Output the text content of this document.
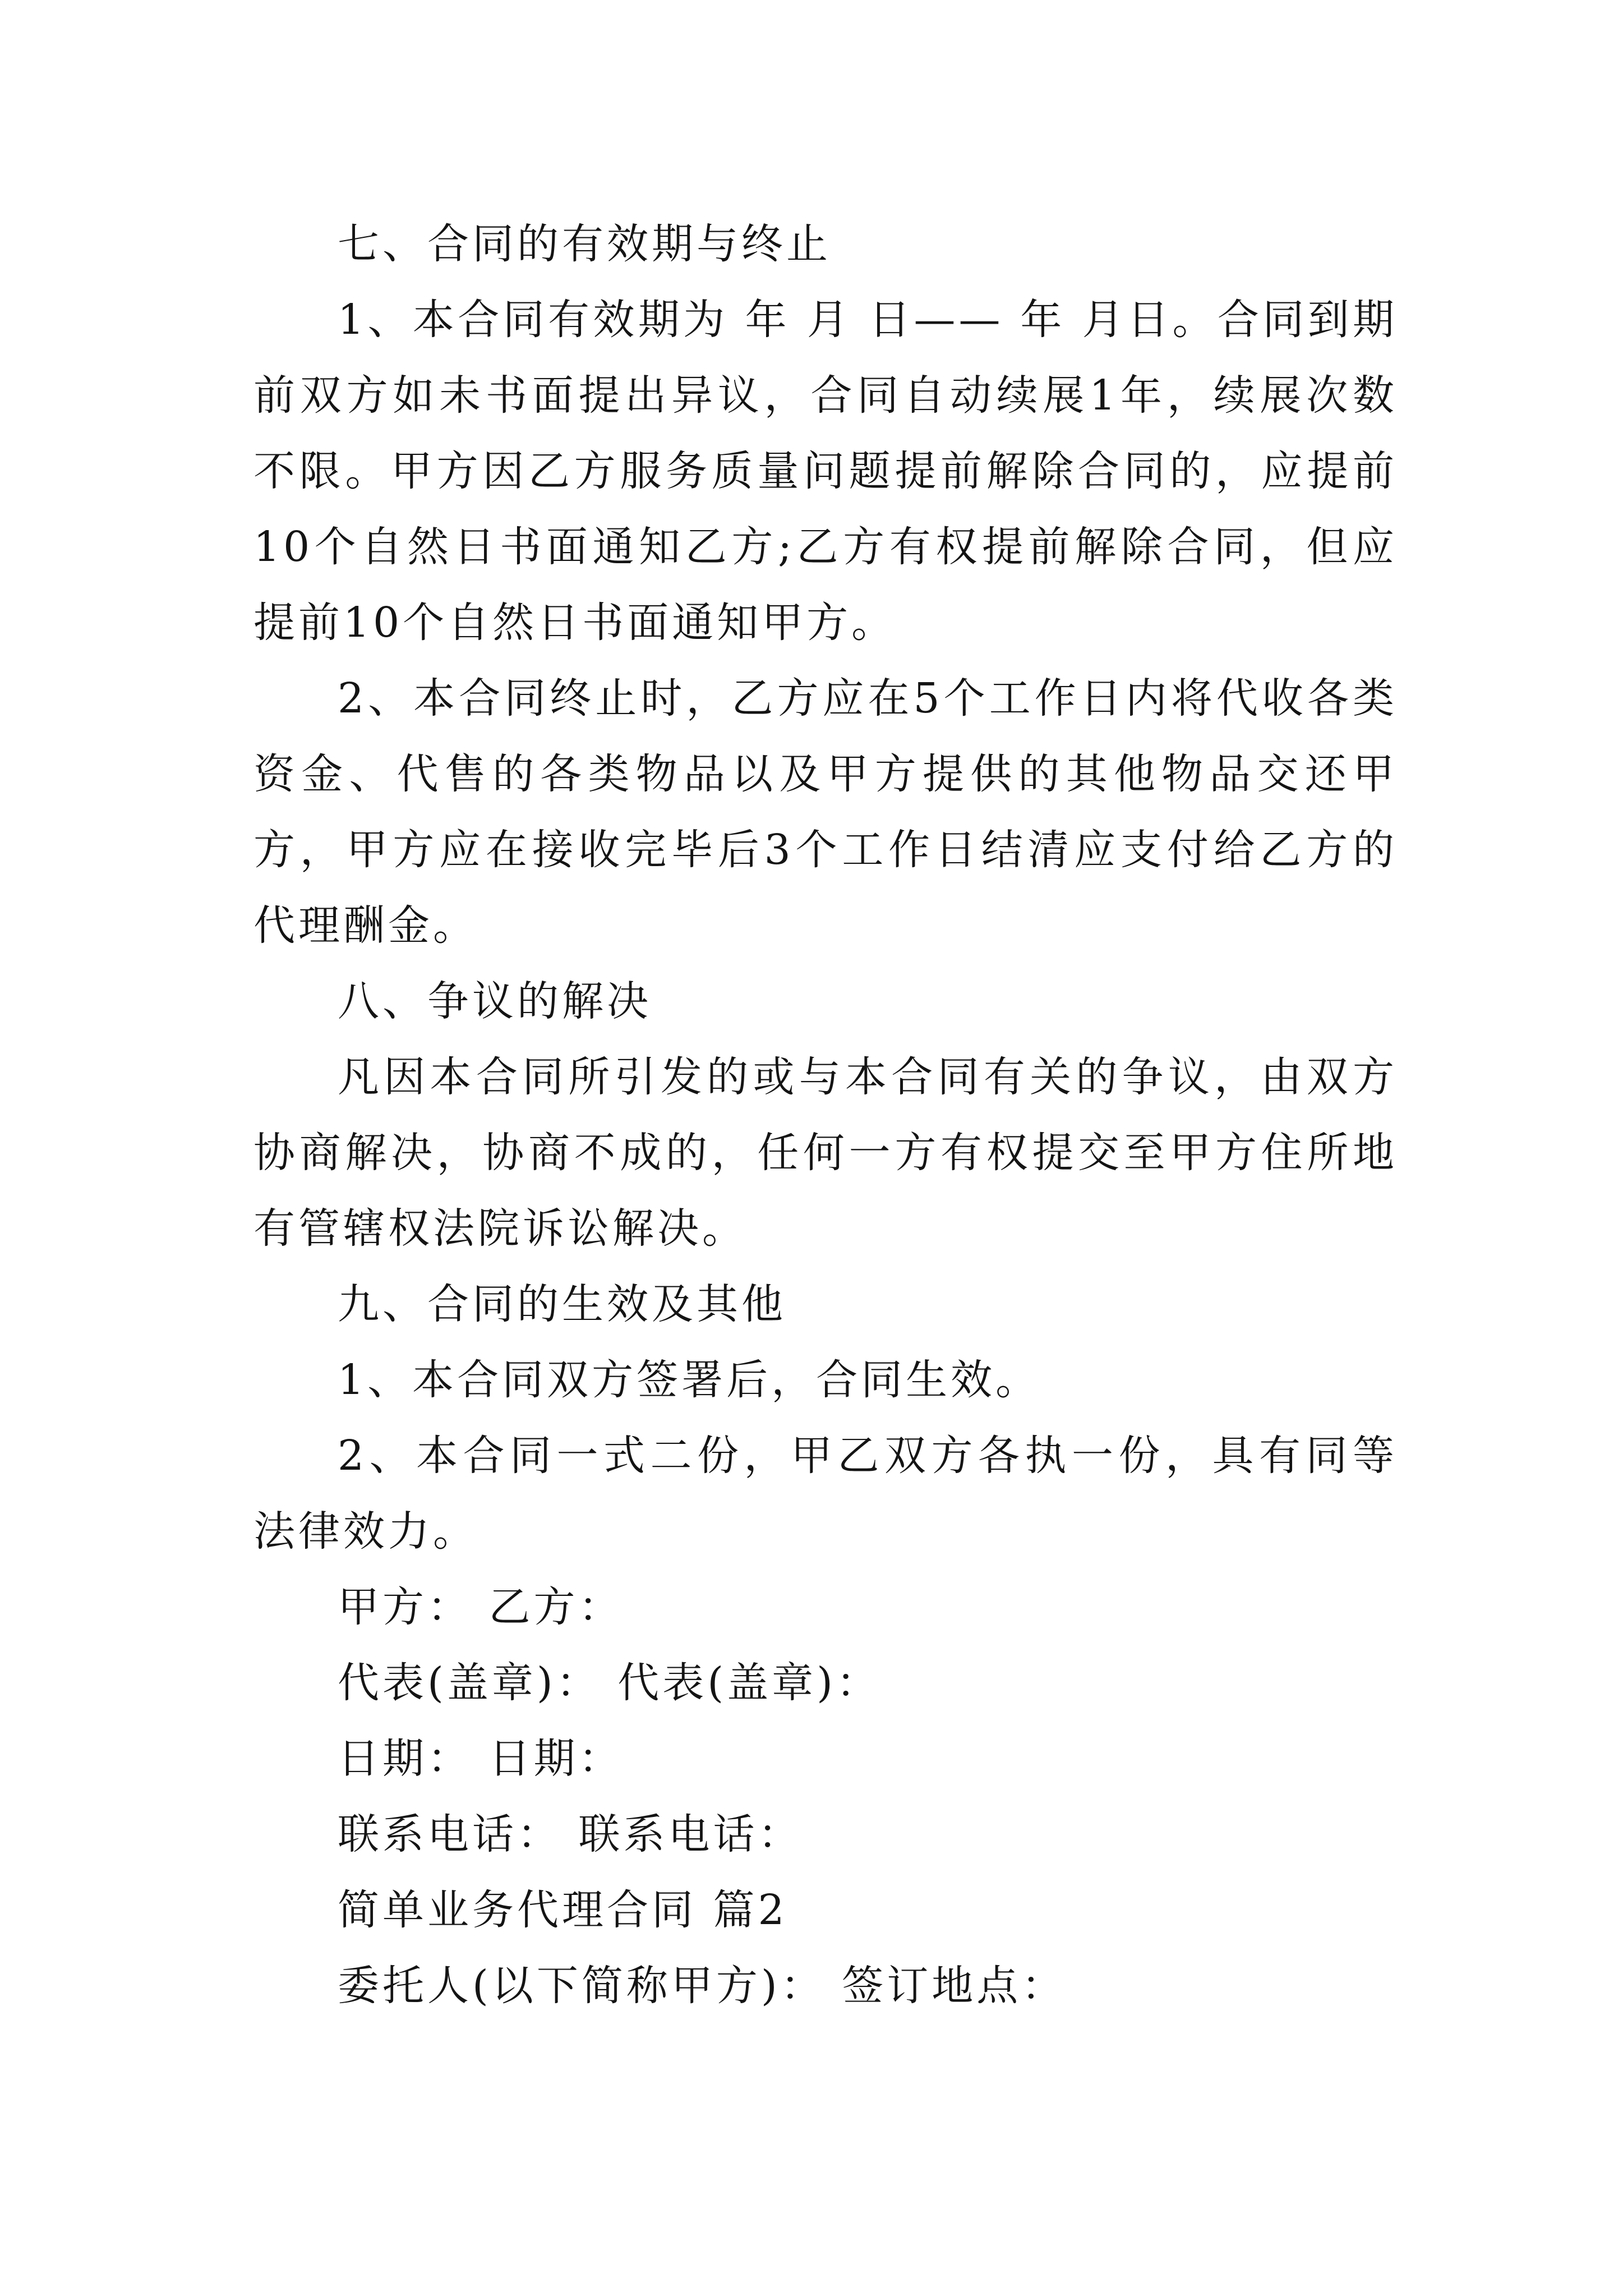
七、合同的有效期与终止

1、本合同有效期为 年 月 日—— 年 月日。合同到期前双方如未书面提出异议，合同自动续展1年，续展次数不限。甲方因乙方服务质量问题提前解除合同的，应提前10个自然日书面通知乙方;乙方有权提前解除合同，但应提前10个自然日书面通知甲方。

2、本合同终止时，乙方应在5个工作日内将代收各类资金、代售的各类物品以及甲方提供的其他物品交还甲方，甲方应在接收完毕后3个工作日结清应支付给乙方的代理酬金。

八、争议的解决

凡因本合同所引发的或与本合同有关的争议，由双方协商解决，协商不成的，任何一方有权提交至甲方住所地有管辖权法院诉讼解决。

九、合同的生效及其他

1、本合同双方签署后，合同生效。

2、本合同一式二份，甲乙双方各执一份，具有同等法律效力。

甲方： 乙方：

代表(盖章)： 代表(盖章)：

日期： 日期：

联系电话： 联系电话：

简单业务代理合同 篇2

委托人(以下简称甲方)： 签订地点：
